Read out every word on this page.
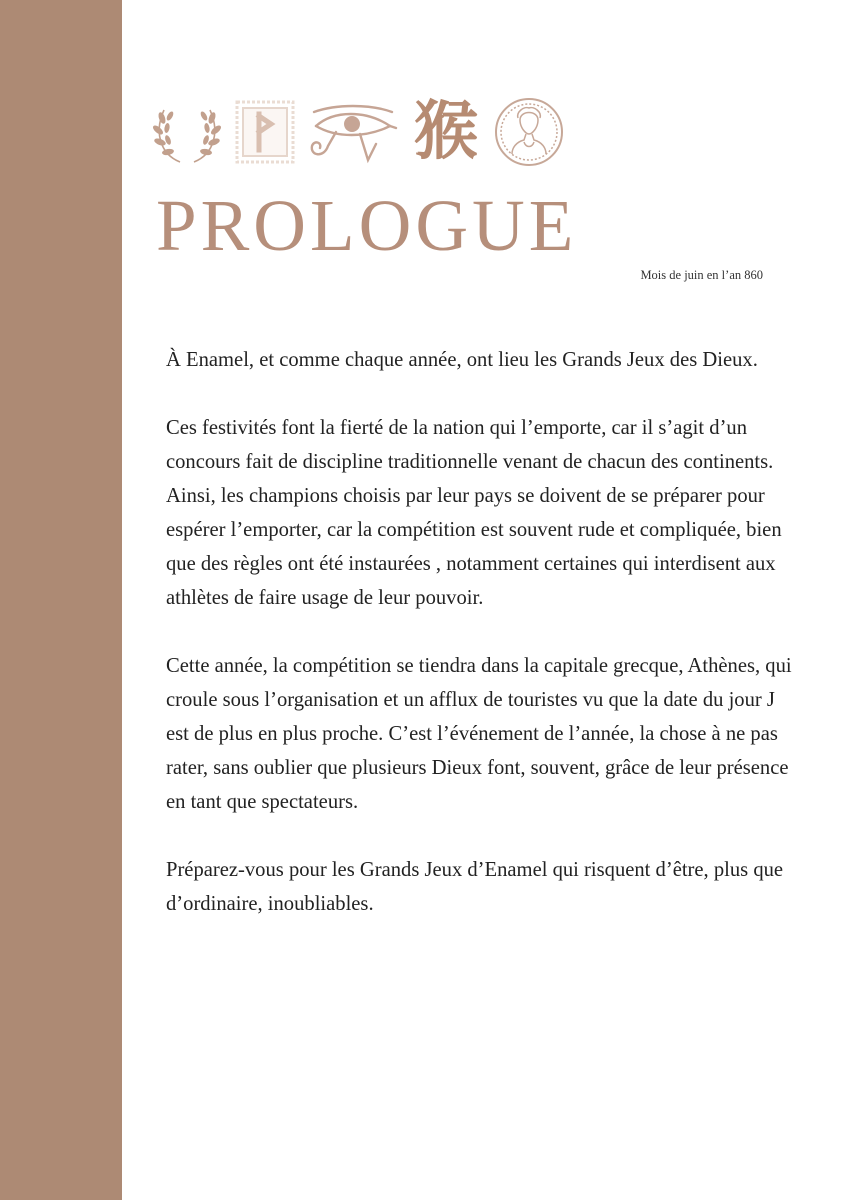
猴
PROLOGUE
Mois de juin en l’an 860

À Enamel, et comme chaque année, ont lieu les Grands Jeux des Dieux.

Ces festivités font la fierté de la nation qui l’emporte, car il s’agit d’un concours fait de discipline traditionnelle venant de chacun des continents. Ainsi, les champions choisis par leur pays se doivent de se préparer pour espérer l’emporter, car la compétition est souvent rude et compliquée, bien que des règles ont été instaurées , notamment certaines qui interdisent aux athlètes de faire usage de leur pouvoir.

Cette année, la compétition se tiendra dans la capitale grecque, Athènes, qui croule sous l’organisation et un afflux de touristes vu que la date du jour J est de plus en plus proche. C’est l’événement de l’année, la chose à ne pas rater, sans oublier que plusieurs Dieux font, souvent, grâce de leur présence en tant que spectateurs.

Préparez-vous pour les Grands Jeux d’Enamel qui risquent d’être, plus que d’ordinaire, inoubliables.
